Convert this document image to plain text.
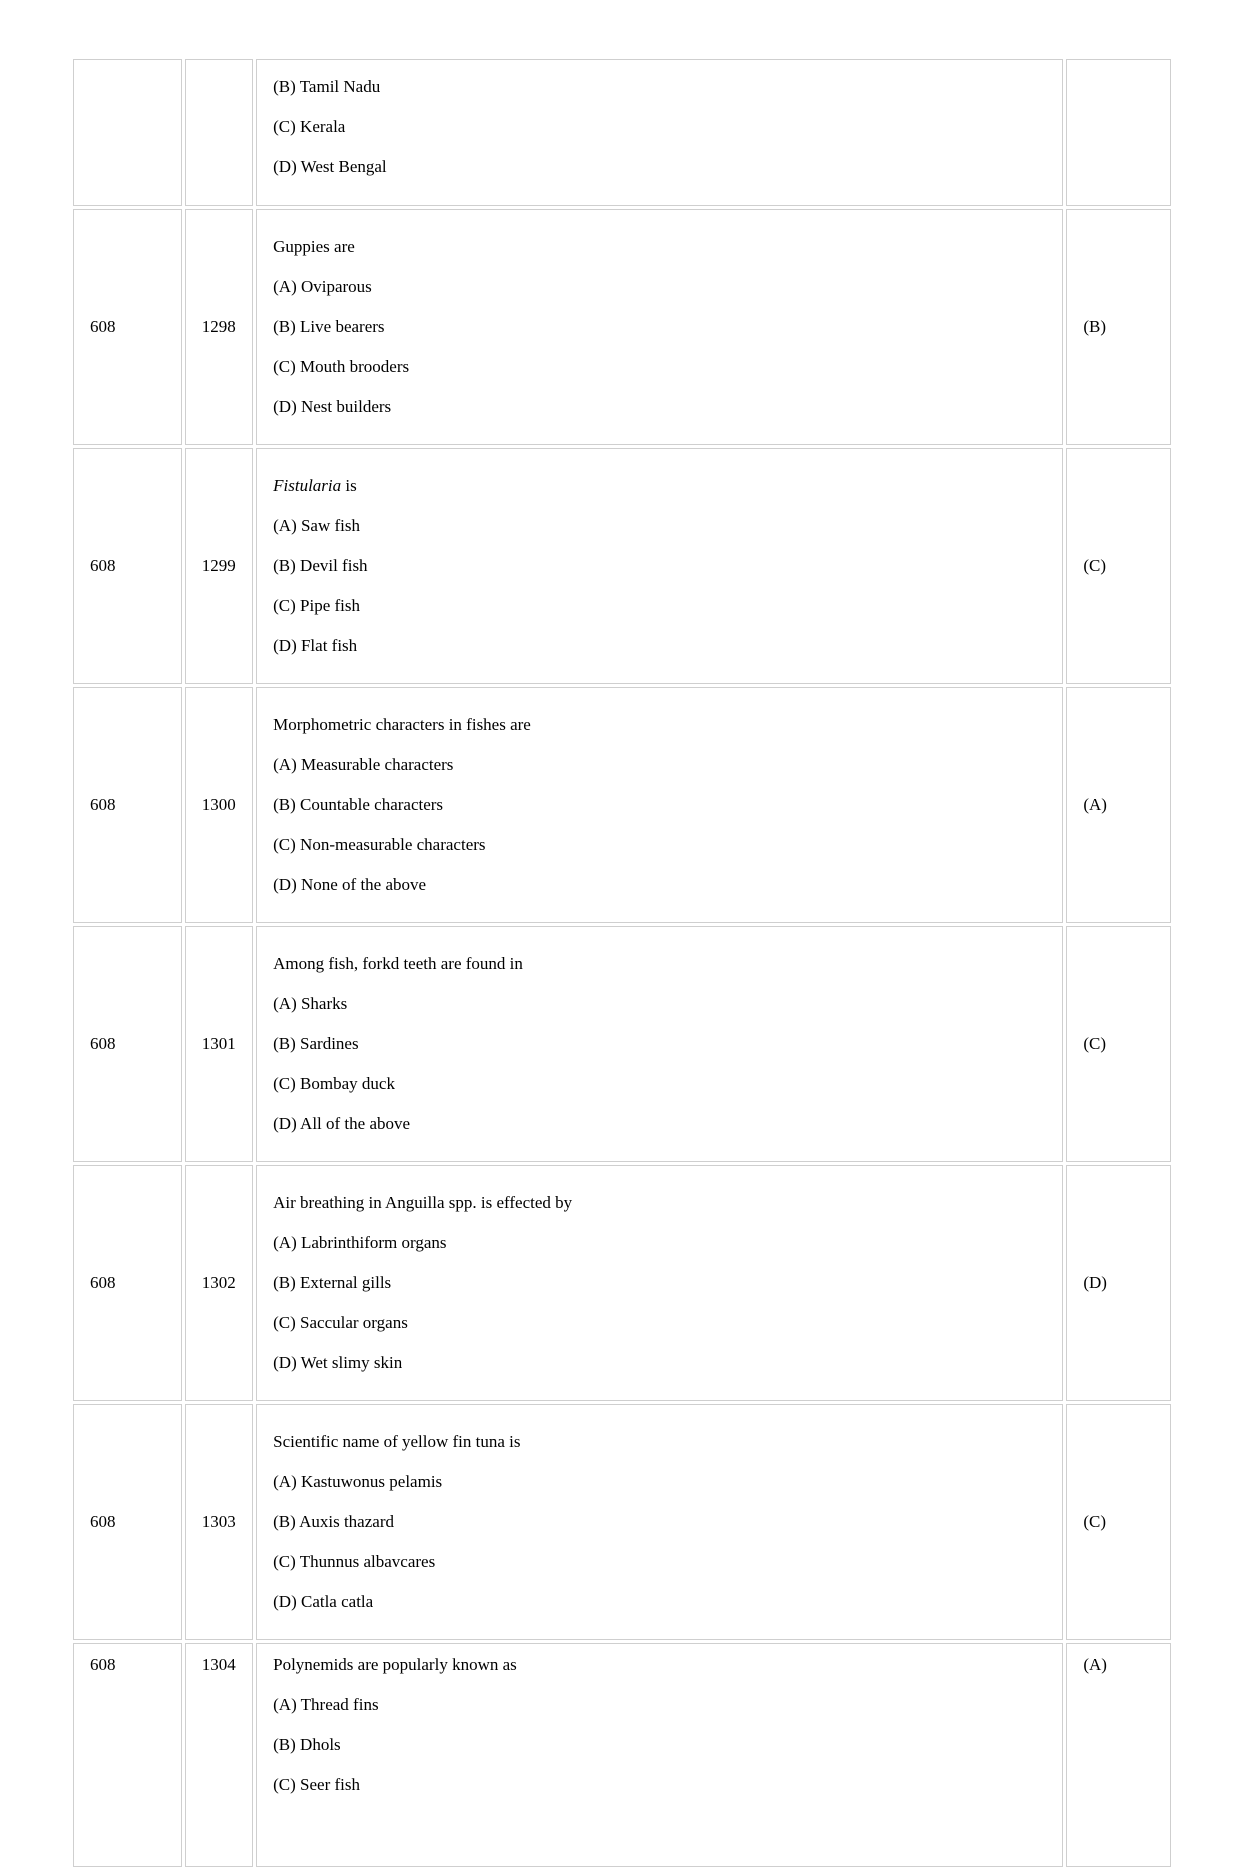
		(B) Tamil Nadu

(C) Kerala

(D) West Bengal	

608	1298	Guppies are

(A) Oviparous

(B) Live bearers

(C) Mouth brooders

(D) Nest builders	(B)
608	1299	Fistularia is

(A) Saw fish

(B) Devil fish

(C) Pipe fish

(D) Flat fish	(C)
608	1300	Morphometric characters in fishes are

(A) Measurable characters

(B) Countable characters

(C) Non-measurable characters

(D) None of the above	(A)
608	1301	Among fish, forkd teeth are found in

(A) Sharks

(B) Sardines

(C) Bombay duck

(D) All of the above	(C)
608	1302	Air breathing in Anguilla spp. is effected by

(A) Labrinthiform organs

(B) External gills

(C) Saccular organs

(D) Wet slimy skin	(D)
608	1303	Scientific name of yellow fin tuna is

(A) Kastuwonus pelamis

(B) Auxis thazard

(C) Thunnus albavcares

(D) Catla catla	(C)
608	1304	Polynemids are popularly known as

(A) Thread fins

(B) Dhols

(C) Seer fish	(A)
